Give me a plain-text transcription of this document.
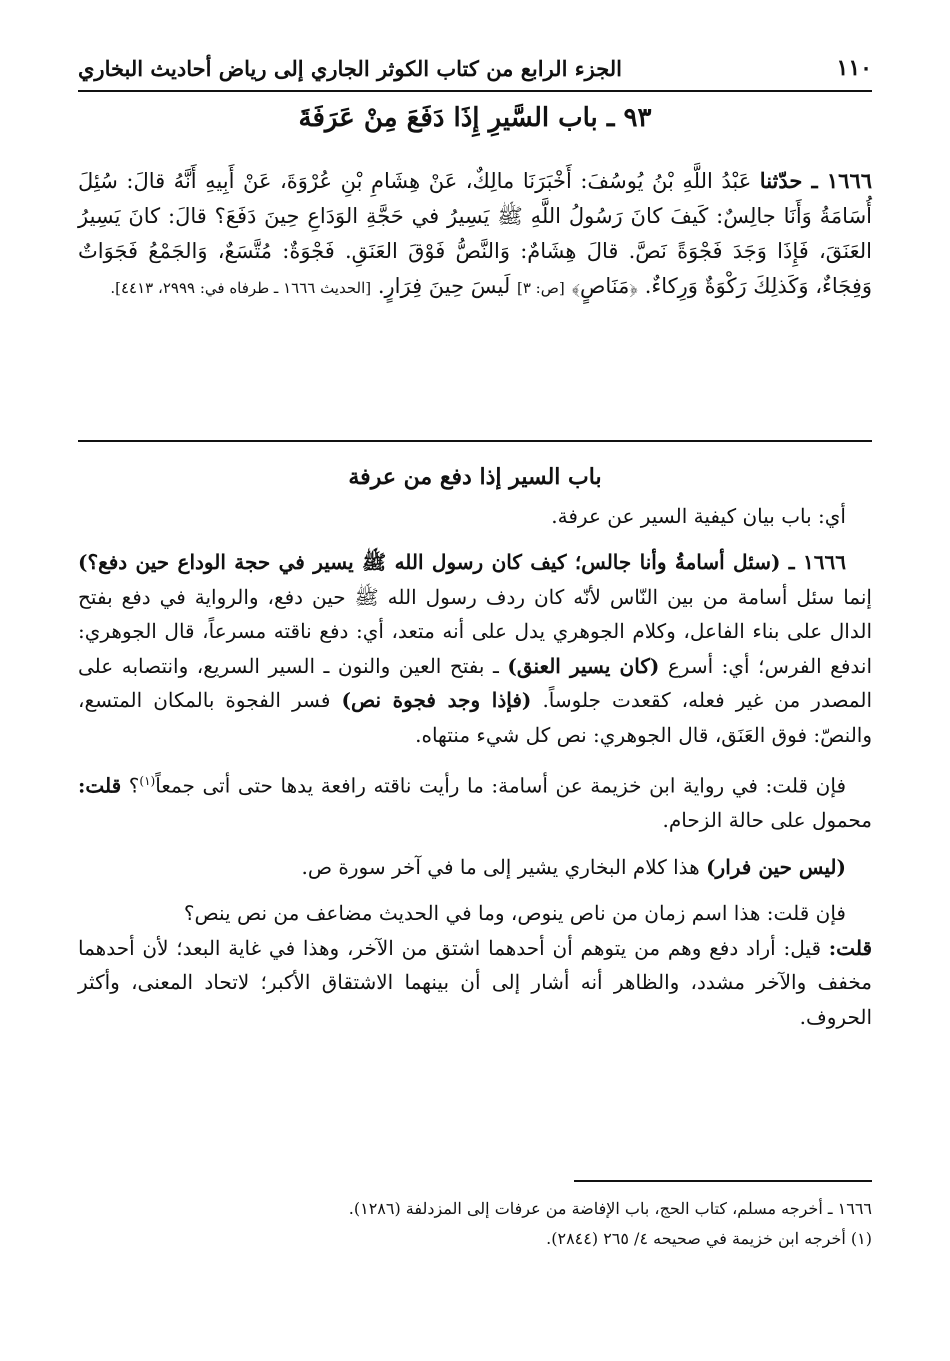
١١٠
الجزء الرابع من كتاب الكوثر الجاري إلى رياض أحاديث البخاري
٩٣ ـ باب السَّيرِ إِذَا دَفَعَ مِنْ عَرَفَةَ

١٦٦٦ ـ حدّثنا عَبْدُ اللَّهِ بْنُ يُوسُفَ: أَخْبَرَنَا مالِكٌ، عَنْ هِشَامِ بْنِ عُرْوَةَ، عَنْ أَبِيهِ أَنَّهُ قالَ: سُئِلَ أُسَامَةُ وَأَنَا جالِسٌ: كَيفَ كانَ رَسُولُ اللَّهِ ﷺ يَسِيرُ في حَجَّةِ الوَدَاعِ حِينَ دَفَعَ؟ قالَ: كانَ يَسِيرُ العَنَقَ، فَإِذَا وَجَدَ فَجْوَةً نَصَّ. قالَ هِشَامٌ: وَالنَّصُّ فَوْقَ العَنَقِ. فَجْوَةٌ: مُتَّسَعٌ، وَالجَمْعُ فَجَوَاتٌ وَفِجَاءٌ، وَكَذلِكَ رَكْوَةٌ وَرِكاءٌ. ﴿مَنَاصٍ﴾ [ص: ٣] لَيسَ حِينَ فِرَارٍ. [الحديث ١٦٦٦ ـ طرفاه في: ٢٩٩٩، ٤٤١٣].

باب السير إذا دفع من عرفة

أي: باب بيان كيفية السير عن عرفة.

١٦٦٦ ـ (سئل أسامةُ وأنا جالس؛ كيف كان رسول الله ﷺ يسير في حجة الوداع حين دفع؟) إنما سئل أسامة من بين النّاس لأنّه كان ردف رسول الله ﷺ حين دفع، والرواية في دفع بفتح الدال على بناء الفاعل، وكلام الجوهري يدل على أنه متعد، أي: دفع ناقته مسرعاً، قال الجوهري: اندفع الفرس؛ أي: أسرع (كان يسير العنق) ـ بفتح العين والنون ـ السير السريع، وانتصابه على المصدر من غير فعله، كقعدت جلوساً. (فإذا وجد فجوة نص) فسر الفجوة بالمكان المتسع، والنصّ: فوق العَنَق، قال الجوهري: نص كل شيء منتهاه.

فإن قلت: في رواية ابن خزيمة عن أسامة: ما رأيت ناقته رافعة يدها حتى أتى جمعاً$^{(١)}$؟ قلت: محمول على حالة الزحام.

(ليس حين فرار) هذا كلام البخاري يشير إلى ما في آخر سورة ص.

فإن قلت: هذا اسم زمان من ناص ينوص، وما في الحديث مضاعف من نص ينص؟

قلت: قيل: أراد دفع وهم من يتوهم أن أحدهما اشتق من الآخر، وهذا في غاية البعد؛ لأن أحدهما مخفف والآخر مشدد، والظاهر أنه أشار إلى أن بينهما الاشتقاق الأكبر؛ لاتحاد المعنى، وأكثر الحروف.

١٦٦٦ ـ أخرجه مسلم، كتاب الحج، باب الإفاضة من عرفات إلى المزدلفة (١٢٨٦).

(١) أخرجه ابن خزيمة في صحيحه ٤/ ٢٦٥ (٢٨٤٤).
